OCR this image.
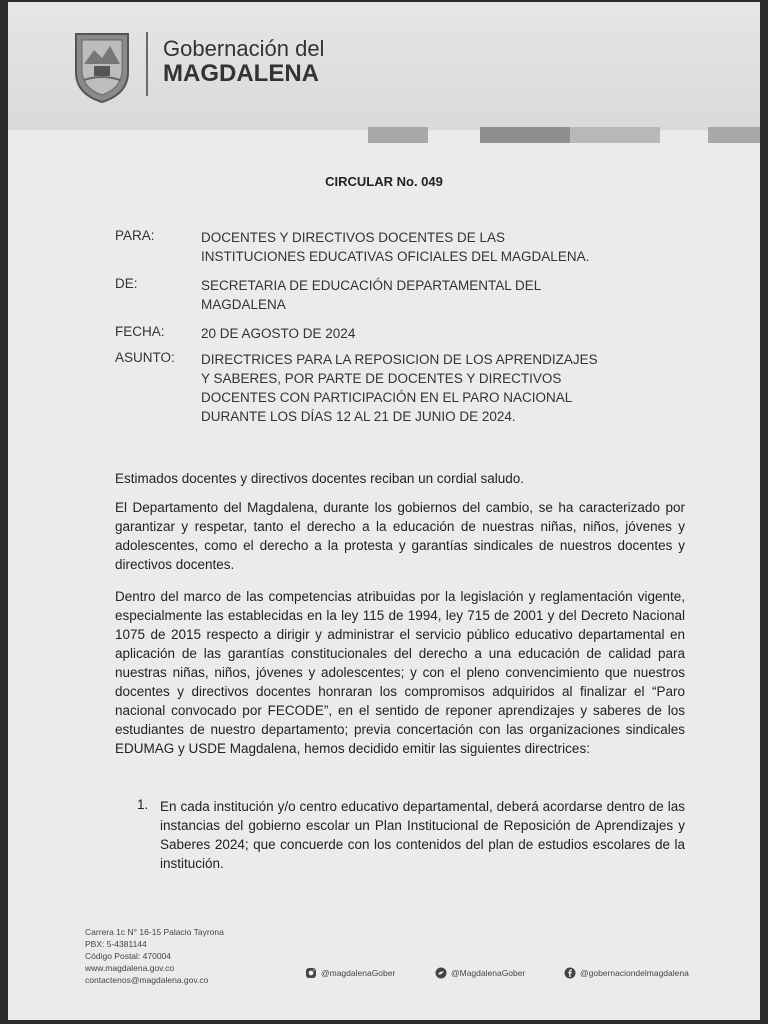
Gobernación del
MAGDALENA
CIRCULAR No. 049
PARA:	DOCENTES Y DIRECTIVOS DOCENTES DE LAS
INSTITUCIONES EDUCATIVAS OFICIALES DEL MAGDALENA.
DE:	SECRETARIA DE EDUCACIÓN DEPARTAMENTAL DEL
MAGDALENA
FECHA:	20 DE AGOSTO DE 2024
ASUNTO: DIRECTRICES PARA LA REPOSICION DE LOS APRENDIZAJES
Y SABERES, POR PARTE DE DOCENTES Y DIRECTIVOS
DOCENTES CON PARTICIPACIÓN EN EL PARO NACIONAL
DURANTE LOS DÍAS 12 AL 21 DE JUNIO DE 2024.
Estimados docentes y directivos docentes reciban un cordial saludo.
El Departamento del Magdalena, durante los gobiernos del cambio, se ha caracterizado por garantizar y respetar, tanto el derecho a la educación de nuestras niñas, niños, jóvenes y adolescentes, como el derecho a la protesta y garantías sindicales de nuestros docentes y directivos docentes.
Dentro del marco de las competencias atribuidas por la legislación y reglamentación vigente, especialmente las establecidas en la ley 115 de 1994, ley 715 de 2001 y del Decreto Nacional 1075 de 2015 respecto a dirigir y administrar el servicio público educativo departamental en aplicación de las garantías constitucionales del derecho a una educación de calidad para nuestras niñas, niños, jóvenes y adolescentes; y con el pleno convencimiento que nuestros docentes y directivos docentes honraran los compromisos adquiridos al finalizar el “Paro nacional convocado por FECODE”, en el sentido de reponer aprendizajes y saberes de los estudiantes de nuestro departamento; previa concertación con las organizaciones sindicales EDUMAG y USDE Magdalena, hemos decidido emitir las siguientes directrices:
1. En cada institución y/o centro educativo departamental, deberá acordarse dentro de las instancias del gobierno escolar un Plan Institucional de Reposición de Aprendizajes y Saberes 2024; que concuerde con los contenidos del plan de estudios escolares de la institución.
Carrera 1c N° 16-15 Palacio Tayrona
PBX: 5-4381144
Código Postal: 470004
www.magdalena.gov.co
contactenos@magdalena.gov.co
@magdalenaGober	@MagdalenaGober	@gobernaciondelmagdalena
